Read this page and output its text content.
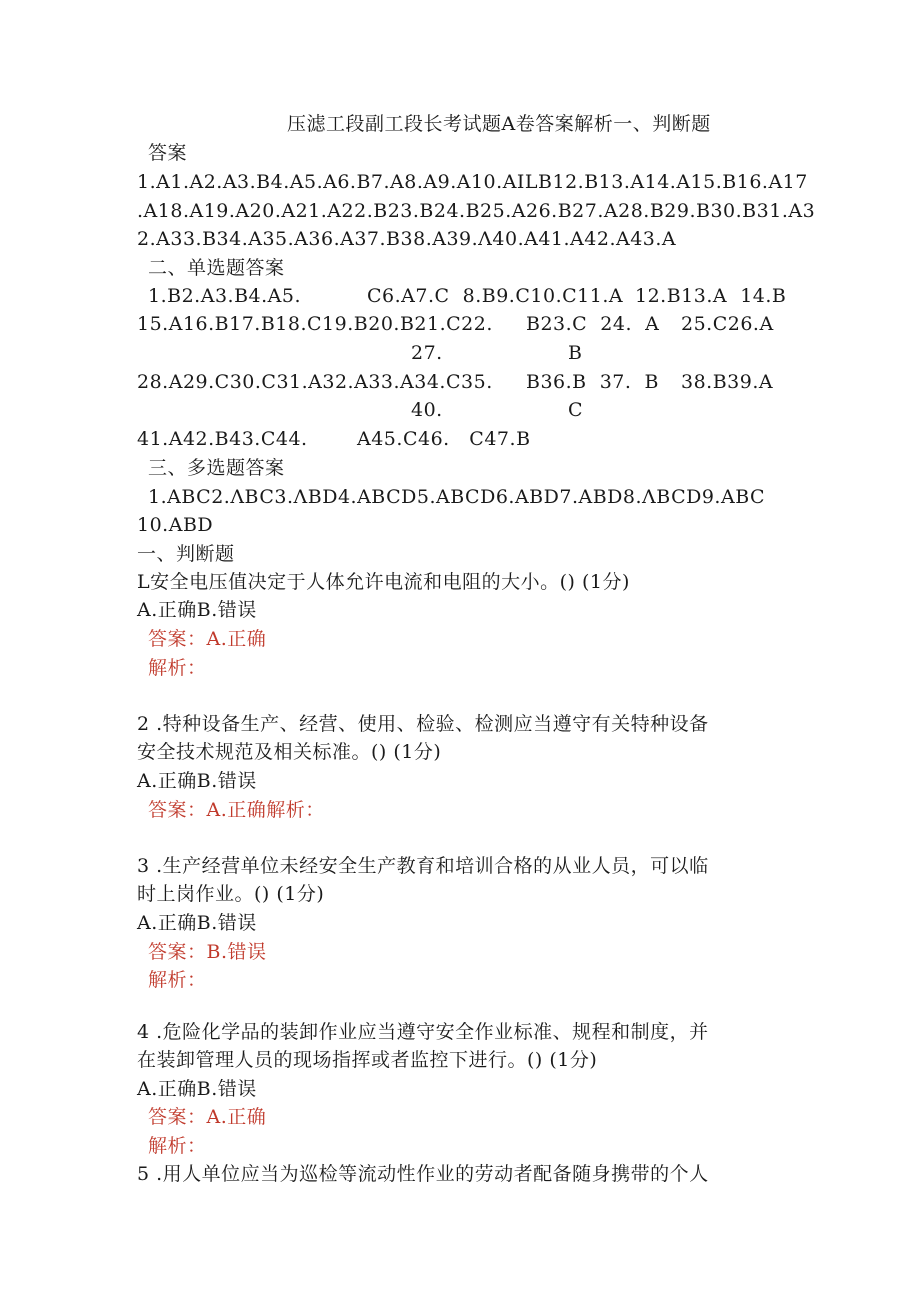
压滤工段副工段长考试题A卷答案解析一、判断题
答案
1.A1.A2.A3.B4.A5.A6.B7.A8.A9.A10.AILB12.B13.A14.A15.B16.A17
.A18.A19.A20.A21.A22.B23.B24.B25.A26.B27.A28.B29.B30.B31.A3
2.A33.B34.A35.A36.A37.B38.A39.Λ40.A41.A42.A43.A
二、单选题答案
1.B2.A3.B4.A5.	C6.A7.C  8.B9.C10.C11.A 12.B13.A  14.B
15.A16.B17.B18.C19.B20.B21.C22. B23.C  24.  A 25.C26.A
27.	B
28.A29.C30.C31.A32.A33.A34.C35. B36.B  37.  B 38.B39.A
40.	C
41.A42.B43.C44.	A45.C46.   C47.B
三、多选题答案
1.ABC2.ΛBC3.ΛBD4.ABCD5.ABCD6.ABD7.ABD8.ΛBCD9.ABC
10.ABD
一、判断题
L安全电压值决定于人体允许电流和电阻的大小。() (1分)
A.正确B.错误
答案：A.正确
解析：
2 .特种设备生产、经营、使用、检验、检测应当遵守有关特种设备
安全技术规范及相关标准。() (1分)
A.正确B.错误
答案：A.正确解析：
3 .生产经营单位未经安全生产教育和培训合格的从业人员，可以临
时上岗作业。() (1分)
A.正确B.错误
答案：B.错误
解析：
4 .危险化学品的装卸作业应当遵守安全作业标准、规程和制度，并
在装卸管理人员的现场指挥或者监控下进行。() (1分)
A.正确B.错误
答案：A.正确
解析：
5 .用人单位应当为巡检等流动性作业的劳动者配备随身携带的个人
